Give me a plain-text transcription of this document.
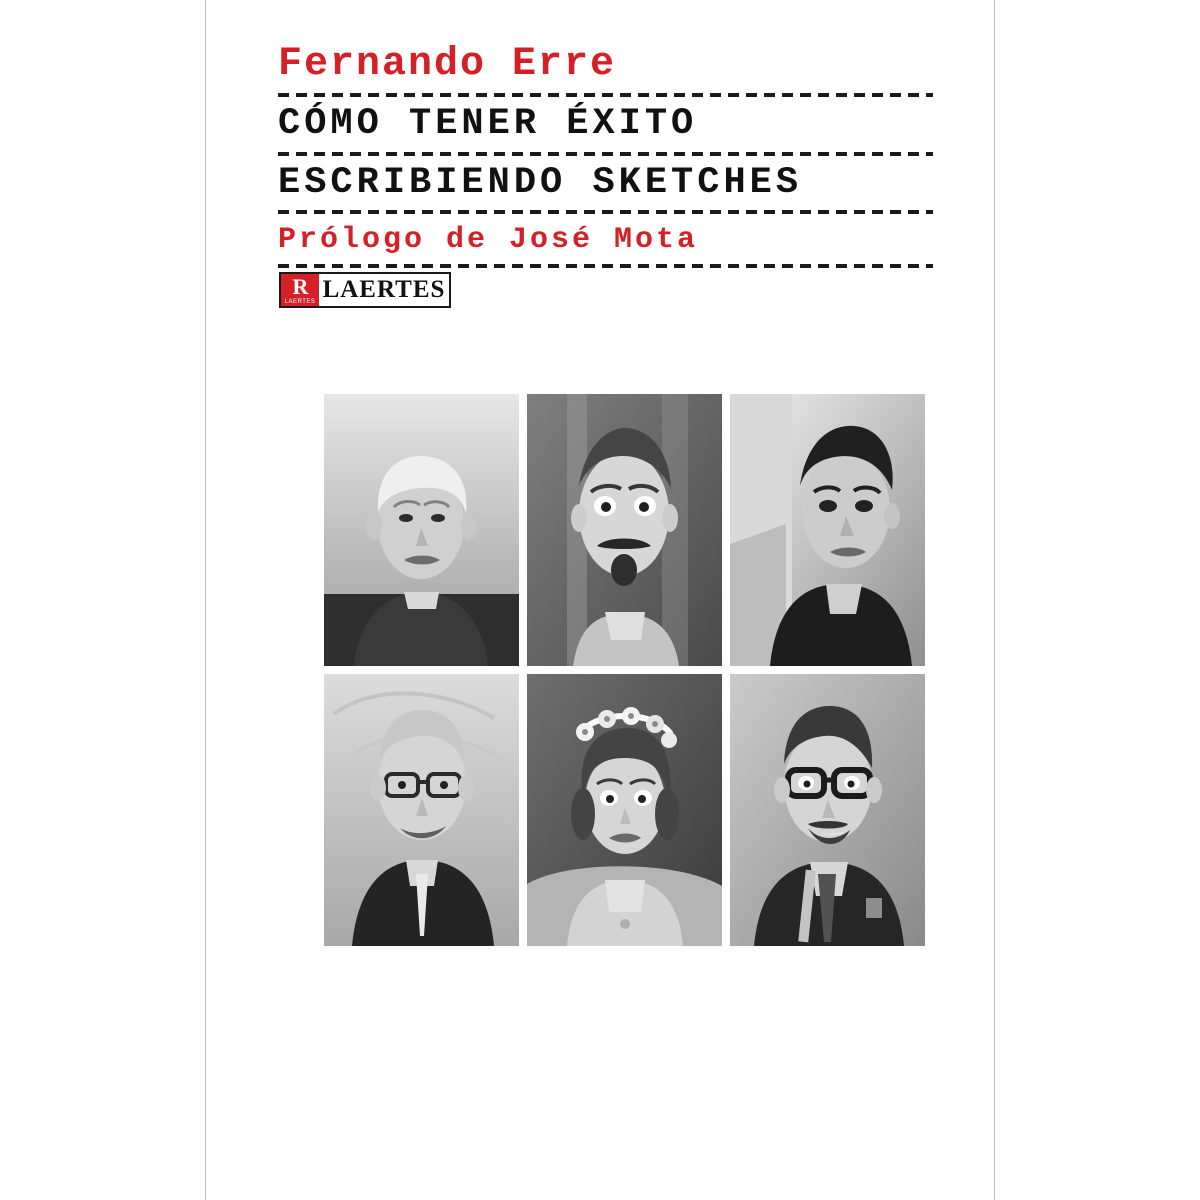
Fernando Erre
CÓMO TENER ÉXITO
ESCRIBIENDO SKETCHES
Prólogo de José Mota
R
LAERTES LAERTES
